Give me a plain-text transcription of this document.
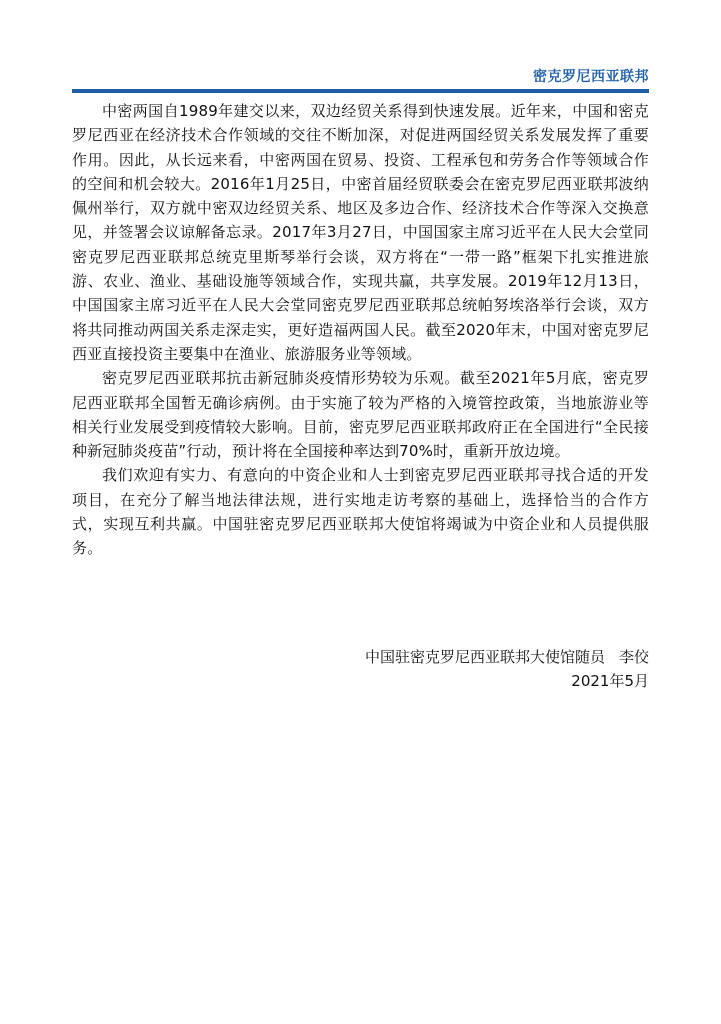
密克罗尼西亚联邦

中密两国自1989年建交以来，双边经贸关系得到快速发展。近年来，中国和密克罗尼西亚在经济技术合作领域的交往不断加深，对促进两国经贸关系发展发挥了重要作用。因此，从长远来看，中密两国在贸易、投资、工程承包和劳务合作等领域合作的空间和机会较大。2016年1月25日，中密首届经贸联委会在密克罗尼西亚联邦波纳佩州举行，双方就中密双边经贸关系、地区及多边合作、经济技术合作等深入交换意见，并签署会议谅解备忘录。2017年3月27日，中国国家主席习近平在人民大会堂同密克罗尼西亚联邦总统克里斯琴举行会谈，双方将在“一带一路”框架下扎实推进旅游、农业、渔业、基础设施等领域合作，实现共赢，共享发展。2019年12月13日，中国国家主席习近平在人民大会堂同密克罗尼西亚联邦总统帕努埃洛举行会谈，双方将共同推动两国关系走深走实，更好造福两国人民。截至2020年末，中国对密克罗尼西亚直接投资主要集中在渔业、旅游服务业等领域。

密克罗尼西亚联邦抗击新冠肺炎疫情形势较为乐观。截至2021年5月底，密克罗尼西亚联邦全国暂无确诊病例。由于实施了较为严格的入境管控政策，当地旅游业等相关行业发展受到疫情较大影响。目前，密克罗尼西亚联邦政府正在全国进行“全民接种新冠肺炎疫苗”行动，预计将在全国接种率达到70%时，重新开放边境。

我们欢迎有实力、有意向的中资企业和人士到密克罗尼西亚联邦寻找合适的开发项目，在充分了解当地法律法规，进行实地走访考察的基础上，选择恰当的合作方式，实现互利共赢。中国驻密克罗尼西亚联邦大使馆将竭诚为中资企业和人员提供服务。

中国驻密克罗尼西亚联邦大使馆随员 李佼
2021年5月
